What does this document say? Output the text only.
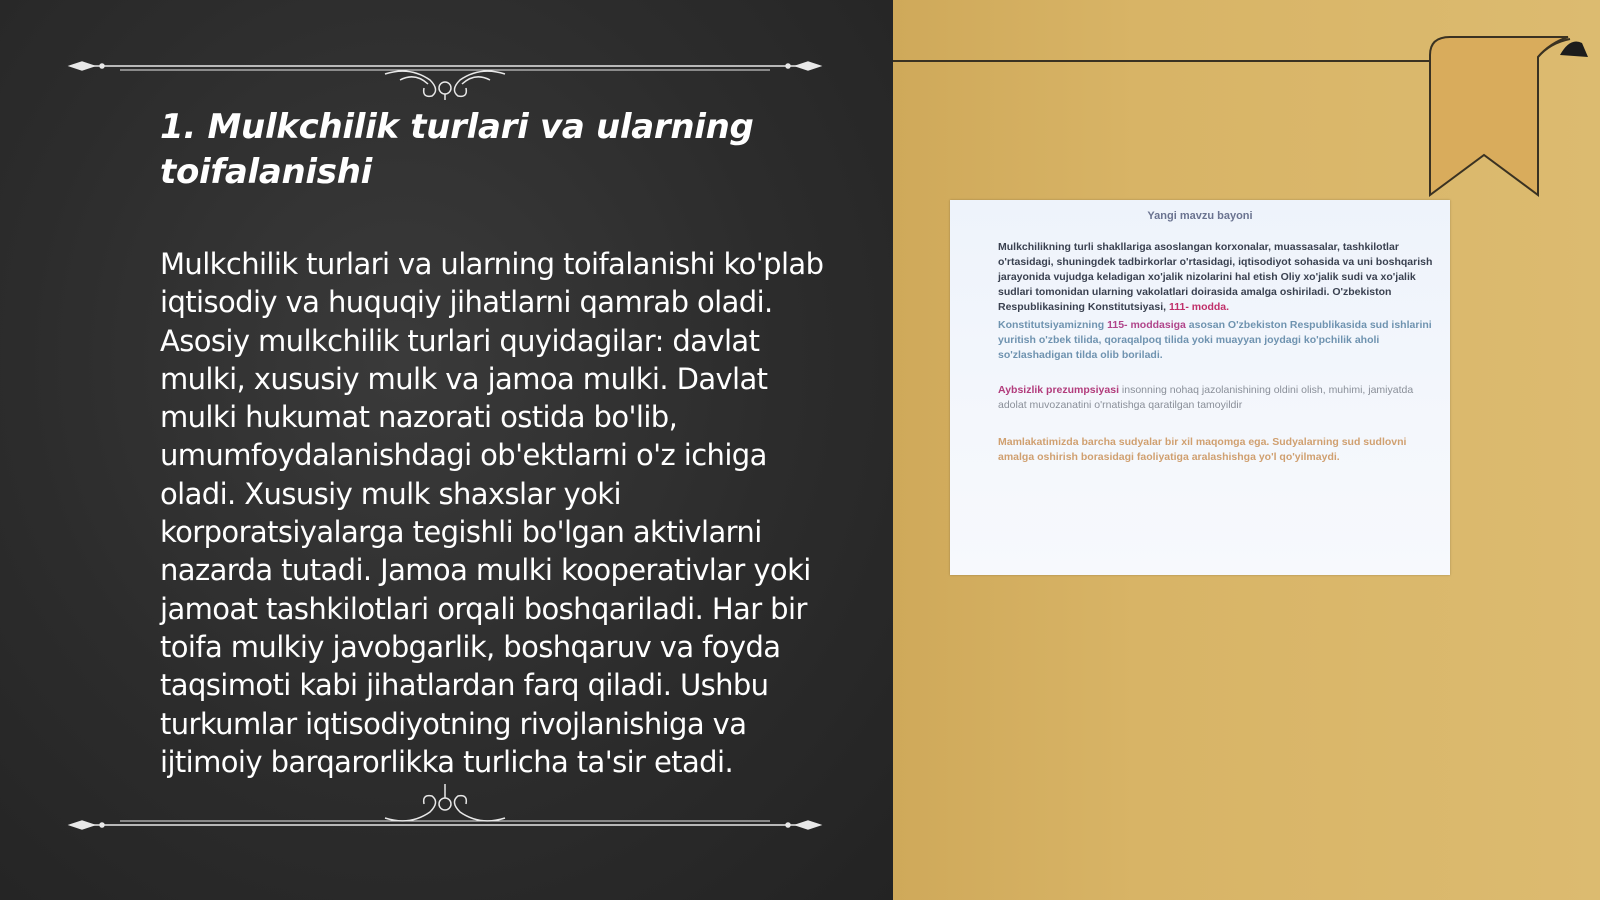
1. Mulkchilik turlari va ularning toifalanishi

Mulkchilik turlari va ularning toifalanishi ko'plab iqtisodiy va huquqiy jihatlarni qamrab oladi. Asosiy mulkchilik turlari quyidagilar: davlat mulki, xususiy mulk va jamoa mulki. Davlat mulki hukumat nazorati ostida bo'lib, umumfoydalanishdagi ob'ektlarni o'z ichiga oladi. Xususiy mulk shaxslar yoki korporatsiyalarga tegishli bo'lgan aktivlarni nazarda tutadi. Jamoa mulki kooperativlar yoki jamoat tashkilotlari orqali boshqariladi. Har bir toifa mulkiy javobgarlik, boshqaruv va foyda taqsimoti kabi jihatlardan farq qiladi. Ushbu turkumlar iqtisodiyotning rivojlanishiga va ijtimoiy barqarorlikka turlicha ta'sir etadi.

Yangi mavzu bayoni

Mulkchilikning turli shakllariga asoslangan korxonalar, muassasalar, tashkilotlar o'rtasidagi, shuningdek tadbirkorlar o'rtasidagi, iqtisodiyot sohasida va uni boshqarish jarayonida vujudga keladigan xo'jalik nizolarini hal etish Oliy xo'jalik sudi va xo'jalik sudlari tomonidan ularning vakolatlari doirasida amalga oshiriladi. O'zbekiston Respublikasining Konstitutsiyasi, 111- modda.

Konstitutsiyamizning 115- moddasiga asosan O'zbekiston Respublikasida sud ishlarini yuritish o'zbek tilida, qoraqalpoq tilida yoki muayyan joydagi ko'pchilik aholi so'zlashadigan tilda olib boriladi.

Aybsizlik prezumpsiyasi insonning nohaq jazolanishining oldini olish, muhimi, jamiyatda adolat muvozanatini o'rnatishga qaratilgan tamoyildir

Mamlakatimizda barcha sudyalar bir xil maqomga ega. Sudyalarning sud sudlovni amalga oshirish borasidagi faoliyatiga aralashishga yo'l qo'yilmaydi.
